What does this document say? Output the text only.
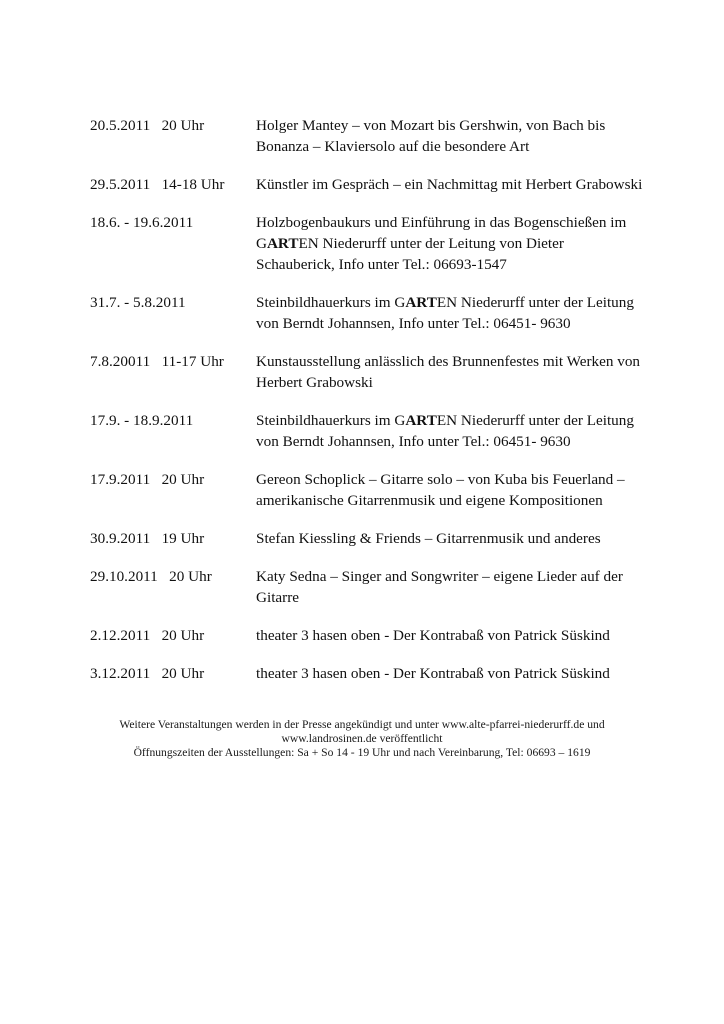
20.5.2011   20 Uhr	Holger Mantey – von Mozart bis Gershwin, von Bach bis
Bonanza – Klaviersolo auf die besondere Art
29.5.2011   14-18 Uhr	Künstler im Gespräch – ein Nachmittag mit Herbert Grabowski
18.6. - 19.6.2011	Holzbogenbaukurs und Einführung in das Bogenschießen im
GARTEN Niederurff unter der Leitung von Dieter
Schauberick, Info unter Tel.: 06693-1547
31.7. - 5.8.2011	Steinbildhauerkurs im GARTEN Niederurff unter der Leitung
von Berndt Johannsen, Info unter Tel.: 06451- 9630
7.8.20011   11-17 Uhr	Kunstausstellung anlässlich des Brunnenfestes mit Werken von
Herbert Grabowski
17.9. - 18.9.2011	Steinbildhauerkurs im GARTEN Niederurff unter der Leitung
von Berndt Johannsen, Info unter Tel.: 06451- 9630
17.9.2011   20 Uhr	Gereon Schoplick – Gitarre solo – von Kuba bis Feuerland –
amerikanische Gitarrenmusik und eigene Kompositionen
30.9.2011   19 Uhr	Stefan Kiessling & Friends – Gitarrenmusik und anderes
29.10.2011   20 Uhr	Katy Sedna – Singer and Songwriter – eigene Lieder auf der
Gitarre
2.12.2011   20 Uhr	theater 3 hasen oben - Der Kontrabaß von Patrick Süskind
3.12.2011   20 Uhr	theater 3 hasen oben - Der Kontrabaß von Patrick Süskind
Weitere Veranstaltungen werden in der Presse angekündigt und unter www.alte-pfarrei-niederurff.de und
www.landrosinen.de veröffentlicht
Öffnungszeiten der Ausstellungen: Sa + So 14 - 19 Uhr und nach Vereinbarung, Tel: 06693 – 1619
